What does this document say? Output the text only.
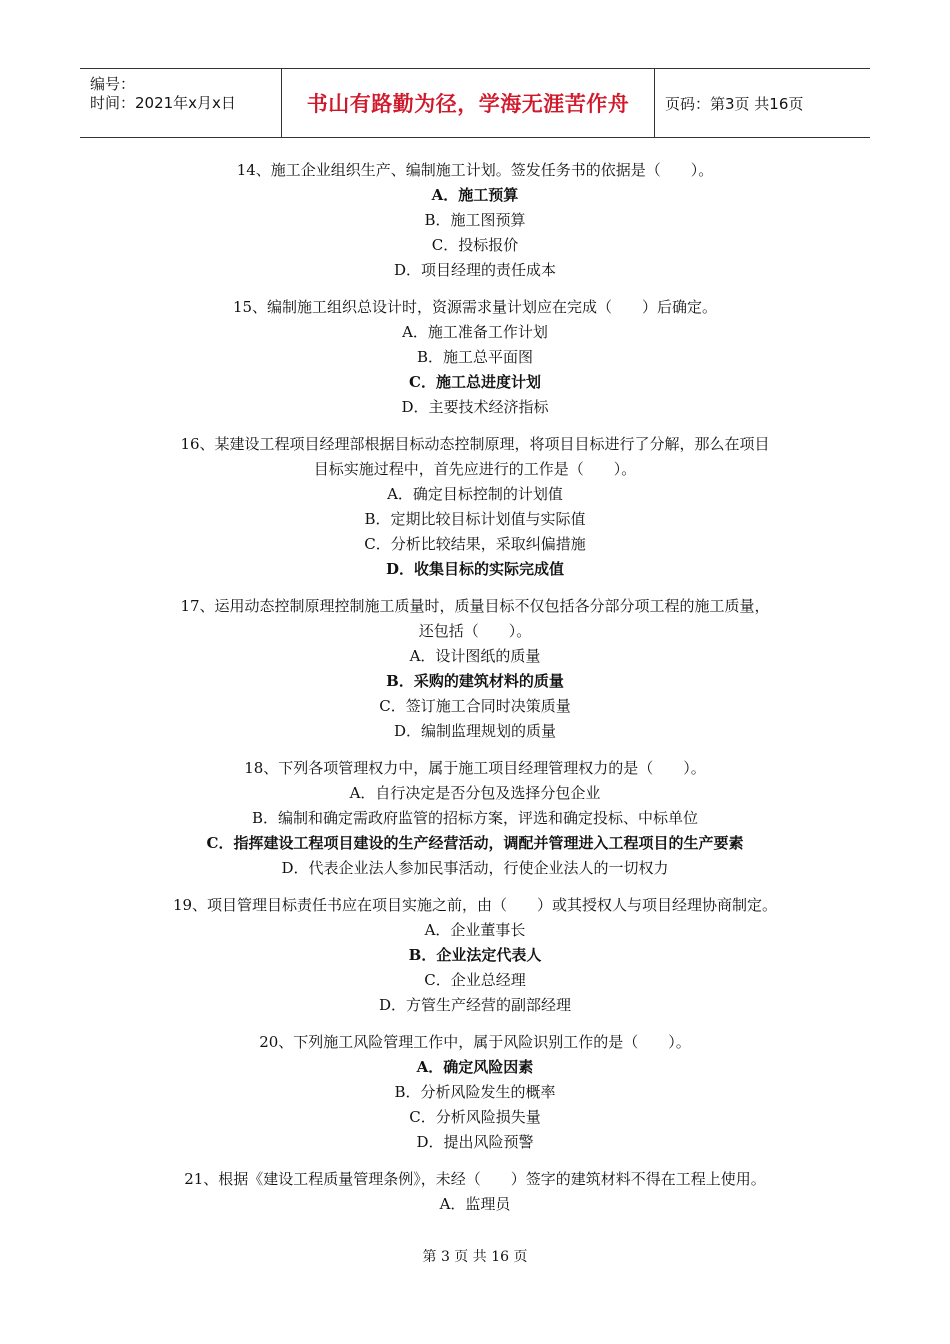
编号：
时间：2021年x月x日	书山有路勤为径，学海无涯苦作舟 页码：第3页 共16页
14、施工企业组织生产、编制施工计划。签发任务书的依据是（　　）。
A．施工预算
B．施工图预算
C．投标报价
D．项目经理的责任成本
15、编制施工组织总设计时，资源需求量计划应在完成（　　）后确定。
A．施工准备工作计划
B．施工总平面图
C．施工总进度计划
D．主要技术经济指标
16、某建设工程项目经理部根据目标动态控制原理，将项目目标进行了分解，那么在项目
目标实施过程中，首先应进行的工作是（　　）。
A．确定目标控制的计划值
B．定期比较目标计划值与实际值
C．分析比较结果，采取纠偏措施
D．收集目标的实际完成值
17、运用动态控制原理控制施工质量时，质量目标不仅包括各分部分项工程的施工质量，
还包括（　　）。
A．设计图纸的质量
B．采购的建筑材料的质量
C．签订施工合同时决策质量
D．编制监理规划的质量
18、下列各项管理权力中，属于施工项目经理管理权力的是（　　）。
A．自行决定是否分包及选择分包企业
B．编制和确定需政府监管的招标方案，评选和确定投标、中标单位
C．指挥建设工程项目建设的生产经营活动，调配并管理进入工程项目的生产要素
D．代表企业法人参加民事活动，行使企业法人的一切权力
19、项目管理目标责任书应在项目实施之前，由（　　）或其授权人与项目经理协商制定。
A．企业董事长
B．企业法定代表人
C．企业总经理
D．方管生产经营的副部经理
20、下列施工风险管理工作中，属于风险识别工作的是（　　）。
A．确定风险因素
B．分析风险发生的概率
C．分析风险损失量
D．提出风险预警
21、根据《建设工程质量管理条例》，未经（　　）签字的建筑材料不得在工程上使用。
A．监理员
第 3 页 共 16 页
